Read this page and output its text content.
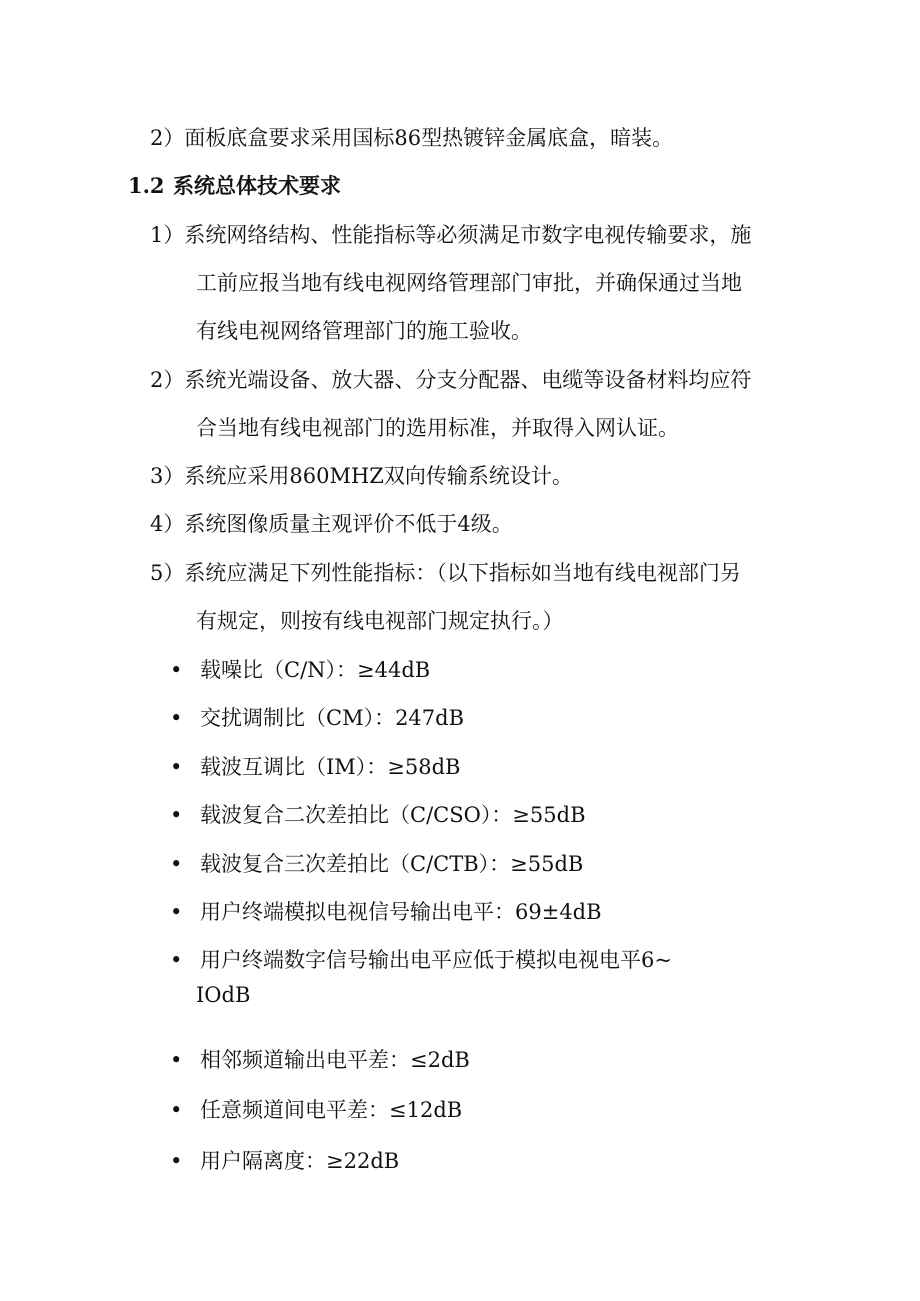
2）面板底盒要求采用国标86型热镀锌金属底盒，暗装。
1.2 系统总体技术要求
1）系统网络结构、性能指标等必须满足市数字电视传输要求，施
工前应报当地有线电视网络管理部门审批，并确保通过当地
有线电视网络管理部门的施工验收。
2）系统光端设备、放大器、分支分配器、电缆等设备材料均应符
合当地有线电视部门的选用标准，并取得入网认证。
3）系统应采用860MHZ双向传输系统设计。
4）系统图像质量主观评价不低于4级。
5）系统应满足下列性能指标：（以下指标如当地有线电视部门另
有规定，则按有线电视部门规定执行。）
• 载噪比（C/N）：≥44dB
• 交扰调制比（CM）：247dB
• 载波互调比（IM）：≥58dB
• 载波复合二次差拍比（C/CSO）：≥55dB
• 载波复合三次差拍比（C/CTB）：≥55dB
• 用户终端模拟电视信号输出电平：69±4dB
• 用户终端数字信号输出电平应低于模拟电视电平6~
IOdB
• 相邻频道输出电平差：≤2dB
• 任意频道间电平差：≤12dB
• 用户隔离度：≥22dB
